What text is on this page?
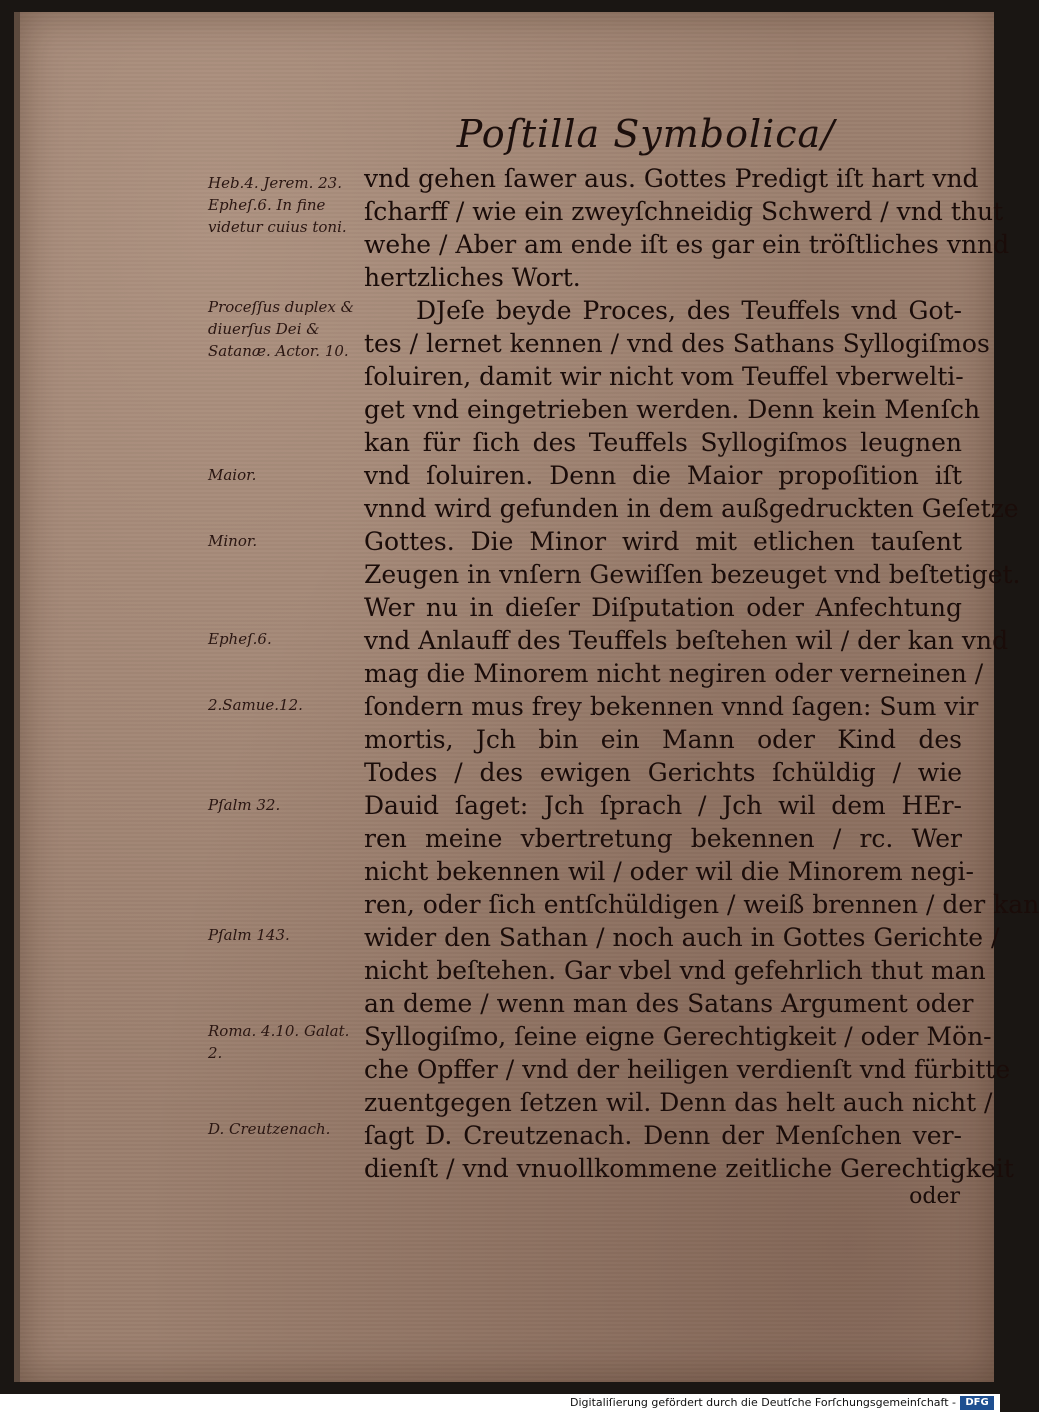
Poſtilla Symbolica/
Heb.4. Jerem. 23. Epheſ.6. In fine videtur cuius toni.
Proceſſus duplex & diuerſus Dei & Satanæ. Actor. 10.
Maior.
Minor.
Epheſ.6.
2.Samue.12.
Pſalm 32.
Pſalm 143.
Roma. 4.10. Galat. 2.
D. Creutzenach.
vnd gehen ſawer aus. Gottes Predigt iſt hart vnd
ſcharff / wie ein zweyſchneidig Schwerd / vnd thut
wehe / Aber am ende iſt es gar ein tröſtliches vnnd
hertzliches Wort.
DJeſe beyde Proces, des Teuffels vnd Got-
tes / lernet kennen / vnd des Sathans Syllogiſmos
ſoluiren, damit wir nicht vom Teuffel vberwelti-
get vnd eingetrieben werden. Denn kein Menſch
kan für ſich des Teuffels Syllogiſmos leugnen
vnd ſoluiren. Denn die Maior propoſition iſt
vnnd wird gefunden in dem außgedruckten Geſetze
Gottes. Die Minor wird mit etlichen tauſent
Zeugen in vnſern Gewiſſen bezeuget vnd beſtetiget.
Wer nu in dieſer Diſputation oder Anfechtung
vnd Anlauff des Teuffels beſtehen wil / der kan vnd
mag die Minorem nicht negiren oder verneinen /
ſondern mus frey bekennen vnnd ſagen: Sum vir
mortis, Jch bin ein Mann oder Kind des
Todes / des ewigen Gerichts ſchüldig / wie
Dauid ſaget: Jch ſprach / Jch wil dem HEr-
ren meine vbertretung bekennen / rc. Wer
nicht bekennen wil / oder wil die Minorem negi-
ren, oder ſich entſchüldigen / weiß brennen / der kan
wider den Sathan / noch auch in Gottes Gerichte /
nicht beſtehen. Gar vbel vnd gefehrlich thut man
an deme / wenn man des Satans Argument oder
Syllogiſmo, ſeine eigne Gerechtigkeit / oder Mön-
che Opffer / vnd der heiligen verdienſt vnd fürbitte
zuentgegen ſetzen wil. Denn das helt auch nicht /
ſagt D. Creutzenach. Denn der Menſchen ver-
dienſt / vnd vnuollkommene zeitliche Gerechtigkeit
oder
Digitaliſierung gefördert durch die Deutſche Forſchungsgemeinſchaft - DFG
